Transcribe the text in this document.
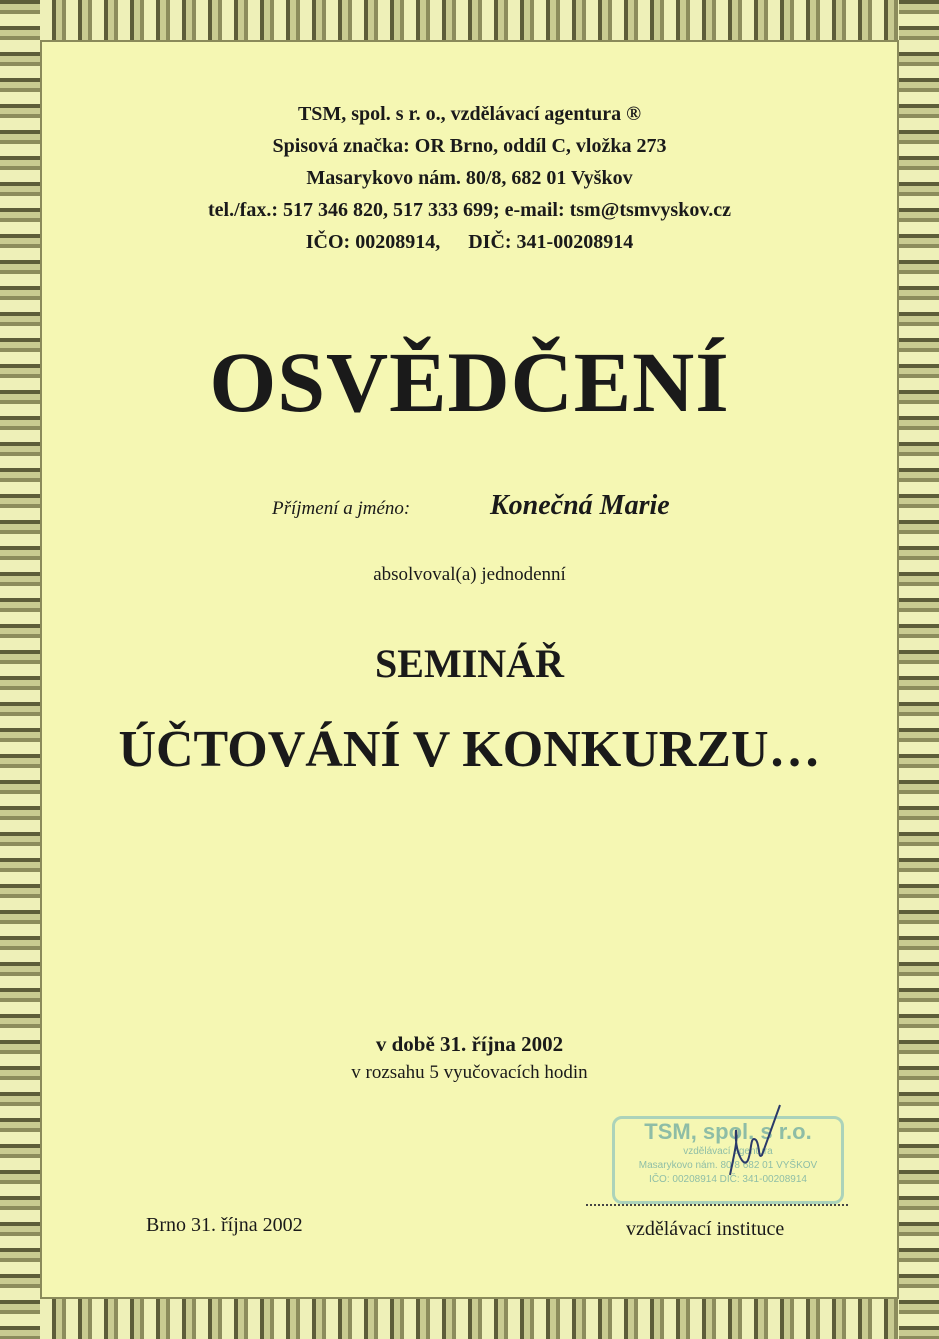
TSM, spol. s r. o., vzdělávací agentura ®
Spisová značka: OR Brno, oddíl C, vložka 273
Masarykovo nám. 80/8, 682 01 Vyškov
tel./fax.: 517 346 820, 517 333 699; e-mail: tsm@tsmvyskov.cz
IČO: 00208914, DIČ: 341-00208914
OSVĚDČENÍ
Příjmení a jméno:	Konečná Marie
absolvoval(a) jednodenní
SEMINÁŘ
ÚČTOVÁNÍ V KONKURZU…
v době 31. října 2002
v rozsahu 5 vyučovacích hodin
TSM, spol. s r.o.
vzdělávací agentura
Masarykovo nám. 80/8 682 01 VYŠKOV
IČO: 00208914 DIČ: 341-00208914
Brno 31. října 2002	vzdělávací instituce
